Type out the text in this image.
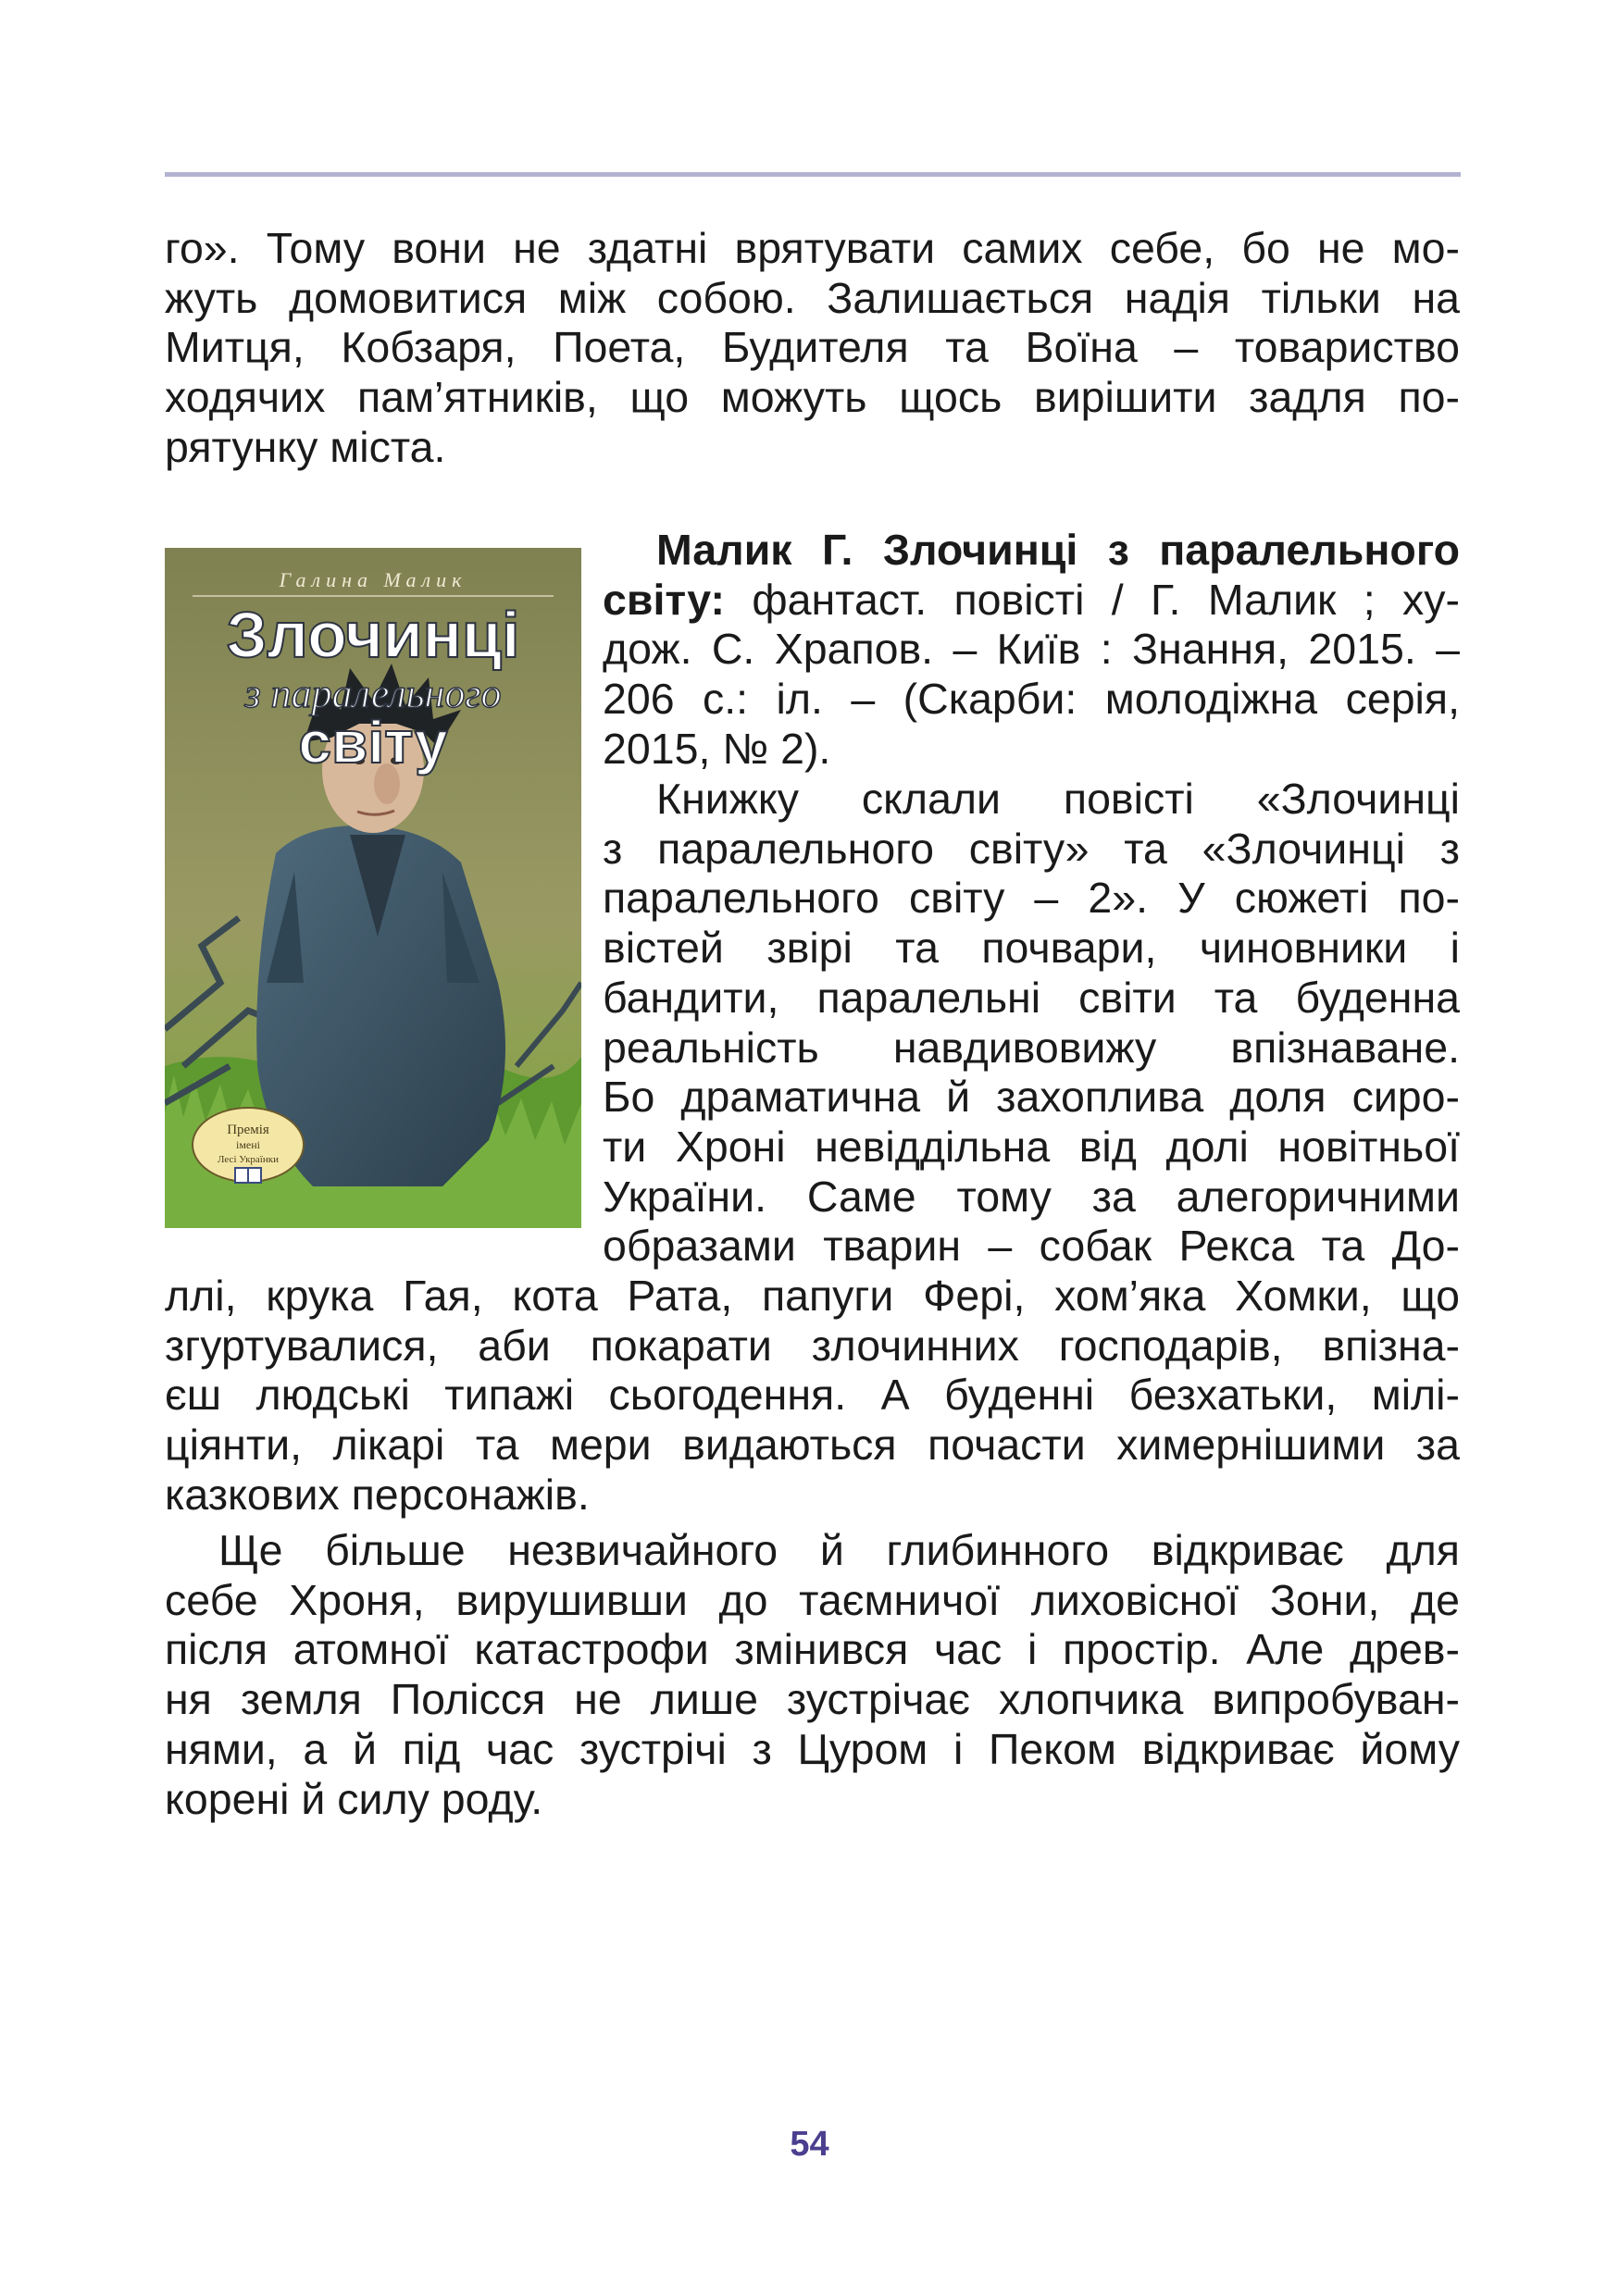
го». Тому вони не здатні врятувати самих себе, бо не мо-

жуть домовитися між собою. Залишається надія тільки на

Митця, Кобзаря, Поета, Будителя та Воїна – товариство

ходячих пам’ятників, що можуть щось вирішити задля по-

рятунку міста.

Галина Малик
Злочинці
з паралельного
світу
Премія
імені
Лесі Українки

Малик Г. Злочинці з паралельного

світу: фантаст. повісті / Г. Малик ; ху-

дож. С. Храпов. – Київ : Знання, 2015. –

206 с.: іл. – (Скарби: молодіжна серія,

2015, № 2).

Книжку склали повісті «Злочинці

з паралельного світу» та «Злочинці з

паралельного світу – 2». У сюжеті по-

вістей звірі та почвари, чиновники і

бандити, паралельні світи та буденна

реальність навдивовижу впізнаване.

Бо драматична й захоплива доля сиро-

ти Хроні невіддільна від долі новітньої

України. Саме тому за алегоричними

образами тварин – собак Рекса та До-

ллі, крука Гая, кота Рата, папуги Фері, хом’яка Хомки, що

згуртувалися, аби покарати злочинних господарів, впізна-

єш людські типажі сьогодення. А буденні безхатьки, мілі-

ціянти, лікарі та мери видаються почасти химернішими за

казкових персонажів.

Ще більше незвичайного й глибинного відкриває для

себе Хроня, вирушивши до таємничої лиховісної Зони, де

після атомної катастрофи змінився час і простір. Але древ-

ня земля Полісся не лише зустрічає хлопчика випробуван-

нями, а й під час зустрічі з Цуром і Пеком відкриває йому

корені й силу роду.

54
